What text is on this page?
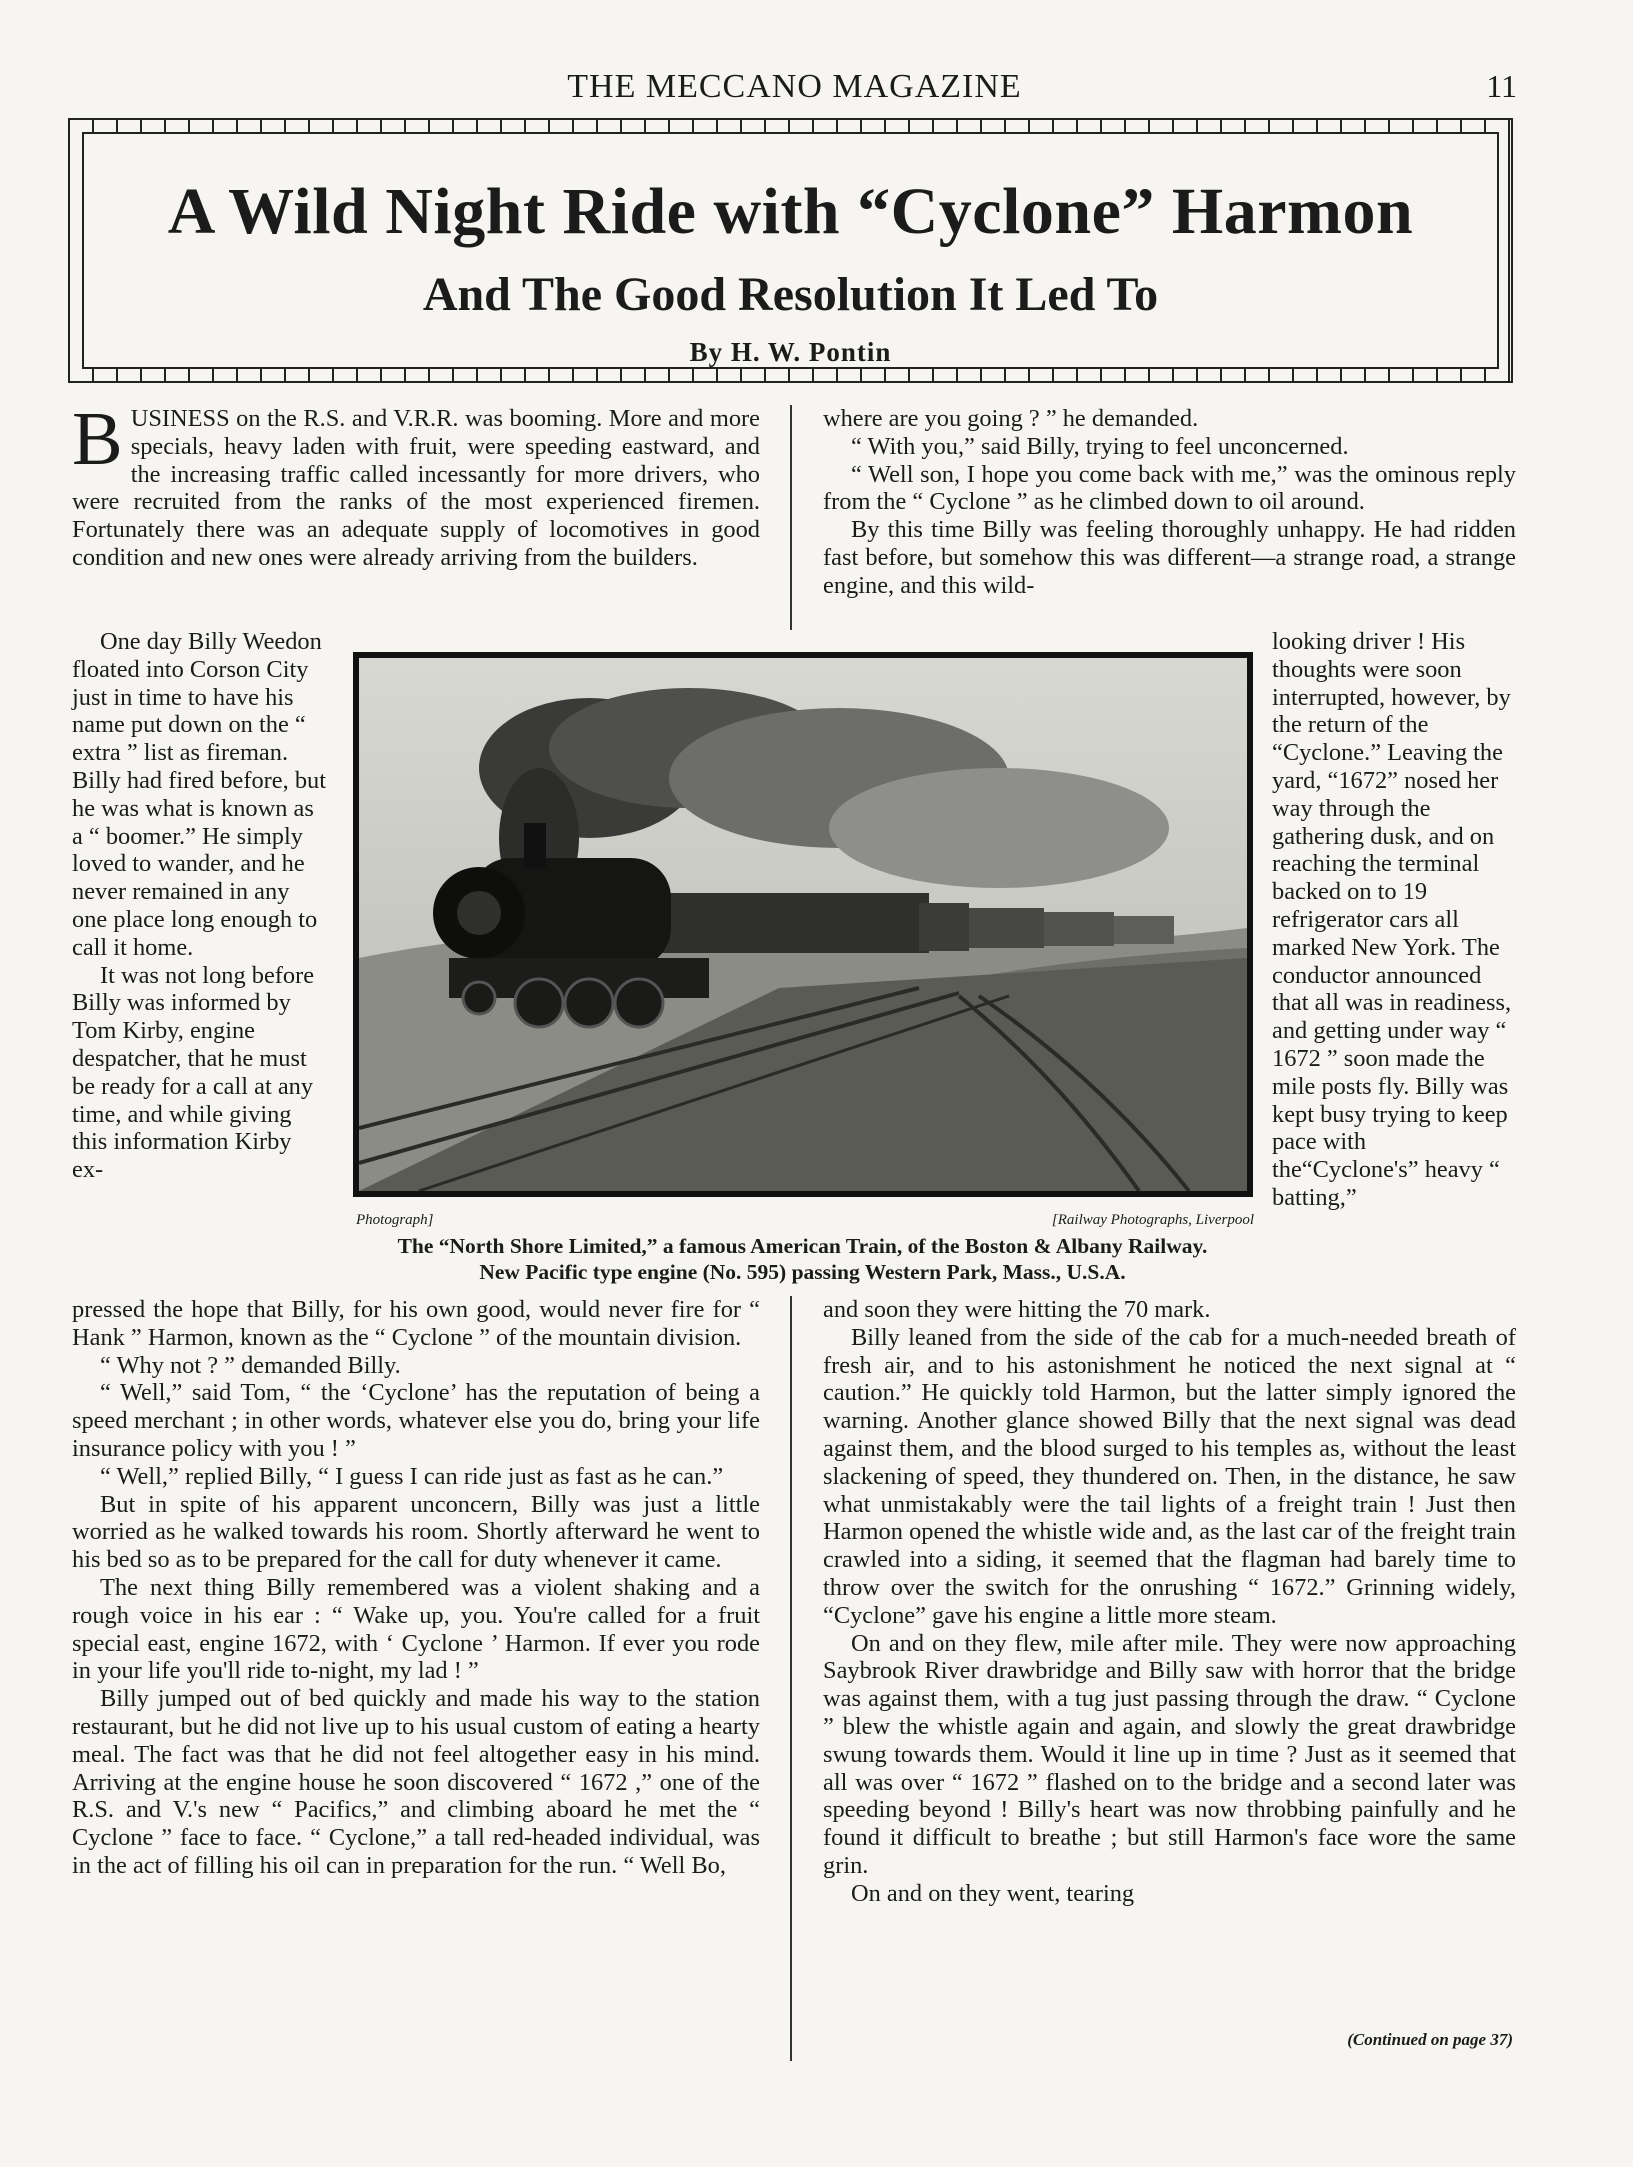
THE MECCANO MAGAZINE	11
A Wild Night Ride with “Cyclone” Harmon
And The Good Resolution It Led To
By H. W. Pontin
B USINESS on the R.S. and V.R.R. was booming. More and more specials, heavy laden with fruit, were speeding eastward, and the increasing traffic called incessantly for more drivers, who were recruited from the ranks of the most experienced firemen. Fortunately there was an adequate supply of locomotives in good condition and new ones were already arriving from the builders.

where are you going ? ” he demanded.

“ With you,” said Billy, trying to feel unconcerned.

“ Well son, I hope you come back with me,” was the ominous reply from the “ Cyclone ” as he climbed down to oil around.

By this time Billy was feeling thoroughly unhappy. He had ridden fast before, but somehow this was different—a strange road, a strange engine, and this wild-

One day Billy Weedon floated into Corson City just in time to have his name put down on the “ extra ” list as fireman. Billy had fired before, but he was what is known as a “ boomer.” He simply loved to wander, and he never remained in any one place long enough to call it home.

It was not long before Billy was informed by Tom Kirby, engine despatcher, that he must be ready for a call at any time, and while giving this information Kirby ex-

Photograph]	[Railway Photographs, Liverpool
The “North Shore Limited,” a famous American Train, of the Boston & Albany Railway.
New Pacific type engine (No. 595) passing Western Park, Mass., U.S.A.

looking driver ! His thoughts were soon interrupted, however, by the return of the “Cyclone.” Leaving the yard, “1672” nosed her way through the gathering dusk, and on reaching the terminal backed on to 19 refrigerator cars all marked New York. The conductor announced that all was in readiness, and getting under way “ 1672 ” soon made the mile posts fly. Billy was kept busy trying to keep pace with the“Cyclone's” heavy “ batting,”

pressed the hope that Billy, for his own good, would never fire for “ Hank ” Harmon, known as the “ Cyclone ” of the mountain division.

“ Why not ? ” demanded Billy.

“ Well,” said Tom, “ the ‘Cyclone’ has the reputation of being a speed merchant ; in other words, whatever else you do, bring your life insurance policy with you ! ”

“ Well,” replied Billy, “ I guess I can ride just as fast as he can.”

But in spite of his apparent unconcern, Billy was just a little worried as he walked towards his room. Shortly afterward he went to his bed so as to be prepared for the call for duty whenever it came.

The next thing Billy remembered was a violent shaking and a rough voice in his ear : “ Wake up, you. You're called for a fruit special east, engine 1672, with ‘ Cyclone ’ Harmon. If ever you rode in your life you'll ride to-night, my lad ! ”

Billy jumped out of bed quickly and made his way to the station restaurant, but he did not live up to his usual custom of eating a hearty meal. The fact was that he did not feel altogether easy in his mind. Arriving at the engine house he soon discovered “ 1672 ,” one of the R.S. and V.'s new “ Pacifics,” and climbing aboard he met the “ Cyclone ” face to face. “ Cyclone,” a tall red-headed individual, was in the act of filling his oil can in preparation for the run. “ Well Bo,

and soon they were hitting the 70 mark.

Billy leaned from the side of the cab for a much-needed breath of fresh air, and to his astonishment he noticed the next signal at “ caution.” He quickly told Harmon, but the latter simply ignored the warning. Another glance showed Billy that the next signal was dead against them, and the blood surged to his temples as, without the least slackening of speed, they thundered on. Then, in the distance, he saw what unmistakably were the tail lights of a freight train ! Just then Harmon opened the whistle wide and, as the last car of the freight train crawled into a siding, it seemed that the flagman had barely time to throw over the switch for the onrushing “ 1672.” Grinning widely, “Cyclone” gave his engine a little more steam.

On and on they flew, mile after mile. They were now approaching Saybrook River drawbridge and Billy saw with horror that the bridge was against them, with a tug just passing through the draw. “ Cyclone ” blew the whistle again and again, and slowly the great drawbridge swung towards them. Would it line up in time ? Just as it seemed that all was over “ 1672 ” flashed on to the bridge and a second later was speeding beyond ! Billy's heart was now throbbing painfully and he found it difficult to breathe ; but still Harmon's face wore the same grin.

On and on they went, tearing

(Continued on page 37)
